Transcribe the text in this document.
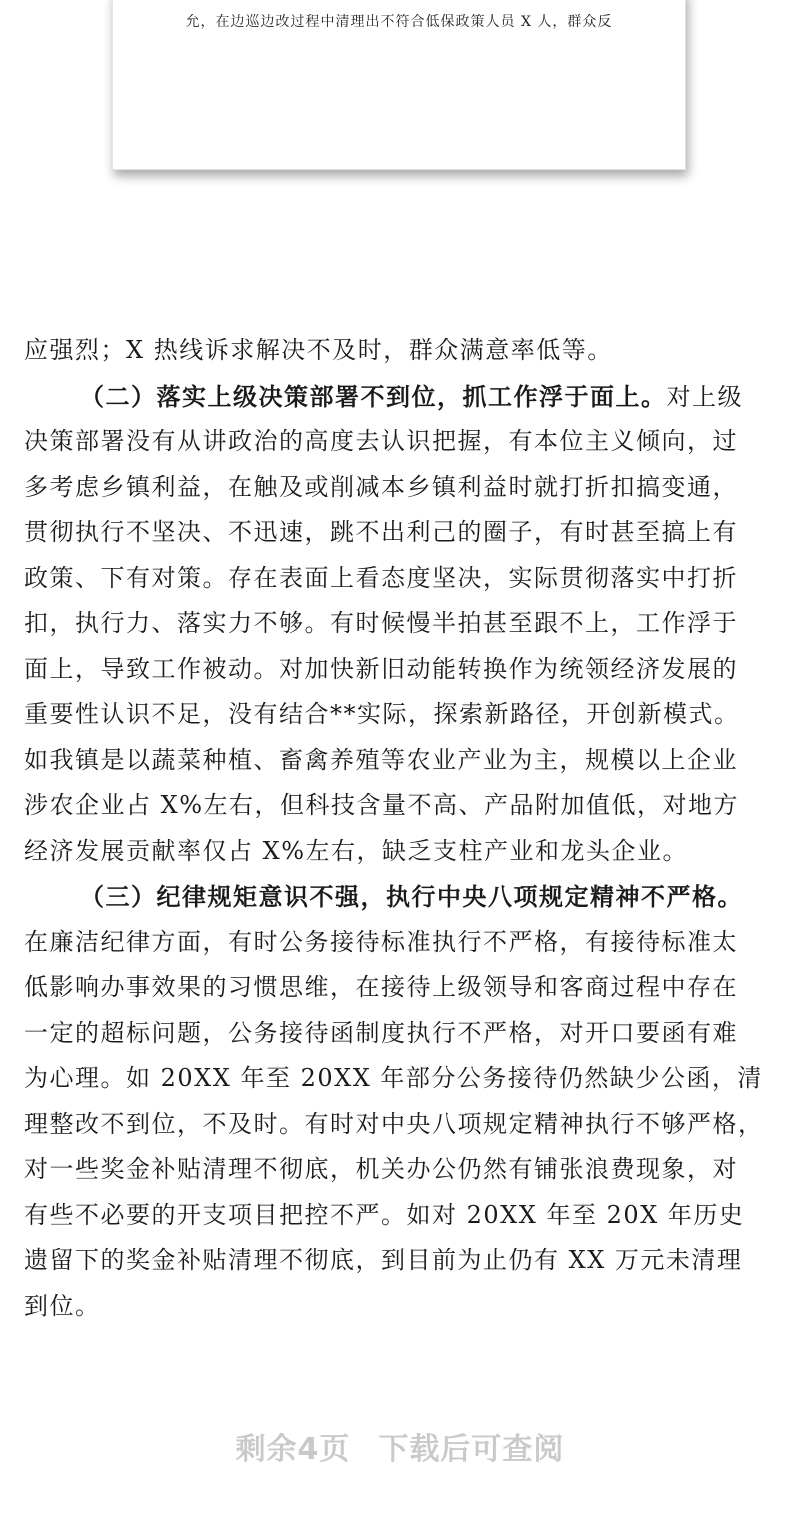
允，在边巡边改过程中清理出不符合低保政策人员 X 人，群众反
应强烈；X 热线诉求解决不及时，群众满意率低等。
（二）落实上级决策部署不到位，抓工作浮于面上。对上级
决策部署没有从讲政治的高度去认识把握，有本位主义倾向，过
多考虑乡镇利益，在触及或削减本乡镇利益时就打折扣搞变通，
贯彻执行不坚决、不迅速，跳不出利己的圈子，有时甚至搞上有
政策、下有对策。存在表面上看态度坚决，实际贯彻落实中打折
扣，执行力、落实力不够。有时候慢半拍甚至跟不上，工作浮于
面上，导致工作被动。对加快新旧动能转换作为统领经济发展的
重要性认识不足，没有结合**实际，探索新路径，开创新模式。
如我镇是以蔬菜种植、畜禽养殖等农业产业为主，规模以上企业
涉农企业占 X%左右，但科技含量不高、产品附加值低，对地方
经济发展贡献率仅占 X%左右，缺乏支柱产业和龙头企业。
（三）纪律规矩意识不强，执行中央八项规定精神不严格。
在廉洁纪律方面，有时公务接待标准执行不严格，有接待标准太
低影响办事效果的习惯思维，在接待上级领导和客商过程中存在
一定的超标问题，公务接待函制度执行不严格，对开口要函有难
为心理。如 20XX 年至 20XX 年部分公务接待仍然缺少公函，清
理整改不到位，不及时。有时对中央八项规定精神执行不够严格，
对一些奖金补贴清理不彻底，机关办公仍然有铺张浪费现象，对
有些不必要的开支项目把控不严。如对 20XX 年至 20X 年历史
遗留下的奖金补贴清理不彻底，到目前为止仍有 XX 万元未清理
到位。
剩余4页 下载后可查阅
